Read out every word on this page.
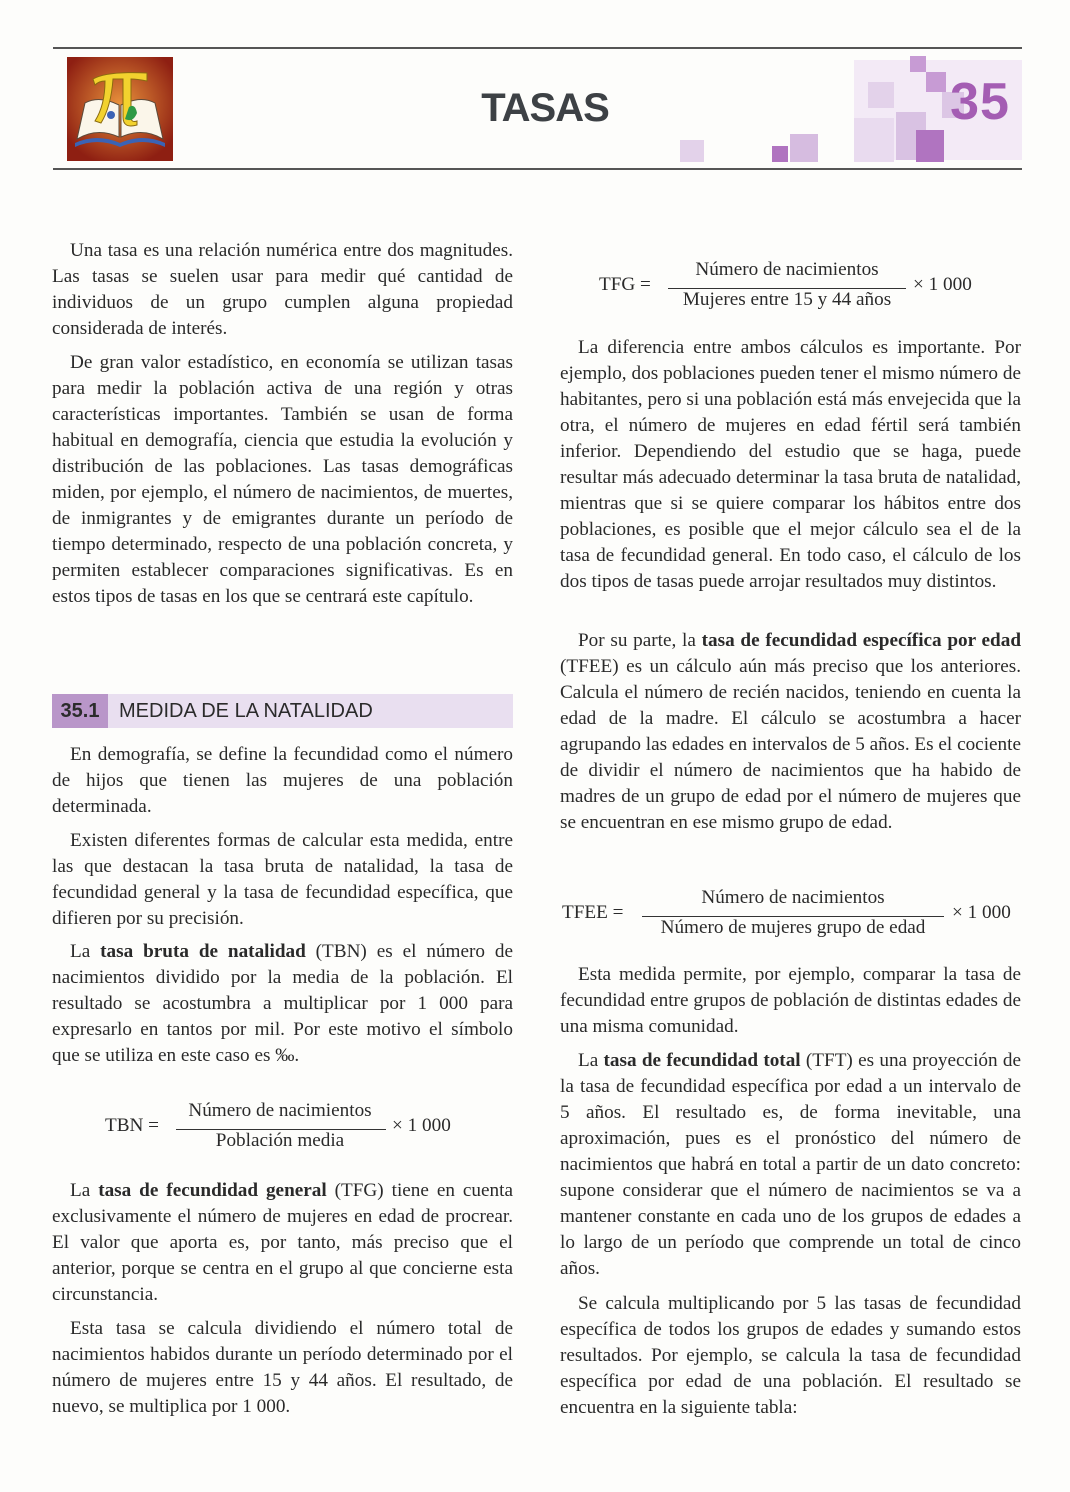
TASAS	35

Una tasa es una relación numérica entre dos magnitudes. Las tasas se suelen usar para medir qué cantidad de individuos de un grupo cumplen alguna propiedad considerada de interés.

De gran valor estadístico, en economía se utilizan tasas para medir la población activa de una región y otras características importantes. También se usan de forma habitual en demografía, ciencia que estudia la evolución y distribución de las poblaciones. Las tasas demográficas miden, por ejemplo, el número de nacimientos, de muertes, de inmigrantes y de emigrantes durante un período de tiempo determinado, respecto de una población concreta, y permiten establecer comparaciones significativas. Es en estos tipos de tasas en los que se centrará este capítulo.

35.1 MEDIDA DE LA NATALIDAD

En demografía, se define la fecundidad como el número de hijos que tienen las mujeres de una población determinada.

Existen diferentes formas de calcular esta medida, entre las que destacan la tasa bruta de natalidad, la tasa de fecundidad general y la tasa de fecundidad específica, que difieren por su precisión.

La tasa bruta de natalidad (TBN) es el número de nacimientos dividido por la media de la población. El resultado se acostumbra a multiplicar por 1 000 para expresarlo en tantos por mil. Por este motivo el símbolo que se utiliza en este caso es ‰.

TBN =
Número de nacimientos
Población media
× 1 000

La tasa de fecundidad general (TFG) tiene en cuenta exclusivamente el número de mujeres en edad de procrear. El valor que aporta es, por tanto, más preciso que el anterior, porque se centra en el grupo al que concierne esta circunstancia.

Esta tasa se calcula dividiendo el número total de nacimientos habidos durante un período determinado por el número de mujeres entre 15 y 44 años. El resultado, de nuevo, se multiplica por 1 000.

TFG =
Número de nacimientos
Mujeres entre 15 y 44 años
× 1 000

La diferencia entre ambos cálculos es importante. Por ejemplo, dos poblaciones pueden tener el mismo número de habitantes, pero si una población está más envejecida que la otra, el número de mujeres en edad fértil será también inferior. Dependiendo del estudio que se haga, puede resultar más adecuado determinar la tasa bruta de natalidad, mientras que si se quiere comparar los hábitos entre dos poblaciones, es posible que el mejor cálculo sea el de la tasa de fecundidad general. En todo caso, el cálculo de los dos tipos de tasas puede arrojar resultados muy distintos.

Por su parte, la tasa de fecundidad específica por edad (TFEE) es un cálculo aún más preciso que los anteriores. Calcula el número de recién nacidos, teniendo en cuenta la edad de la madre. El cálculo se acostumbra a hacer agrupando las edades en intervalos de 5 años. Es el cociente de dividir el número de nacimientos que ha habido de madres de un grupo de edad por el número de mujeres que se encuentran en ese mismo grupo de edad.

TFEE =
Número de nacimientos
Número de mujeres grupo de edad
× 1 000

Esta medida permite, por ejemplo, comparar la tasa de fecundidad entre grupos de población de distintas edades de una misma comunidad.

La tasa de fecundidad total (TFT) es una proyección de la tasa de fecundidad específica por edad a un intervalo de 5 años. El resultado es, de forma inevitable, una aproximación, pues es el pronóstico del número de nacimientos que habrá en total a partir de un dato concreto: supone considerar que el número de nacimientos se va a mantener constante en cada uno de los grupos de edades a lo largo de un período que comprende un total de cinco años.

Se calcula multiplicando por 5 las tasas de fecundidad específica de todos los grupos de edades y sumando estos resultados. Por ejemplo, se calcula la tasa de fecundidad específica por edad de una población. El resultado se encuentra en la siguiente tabla:
